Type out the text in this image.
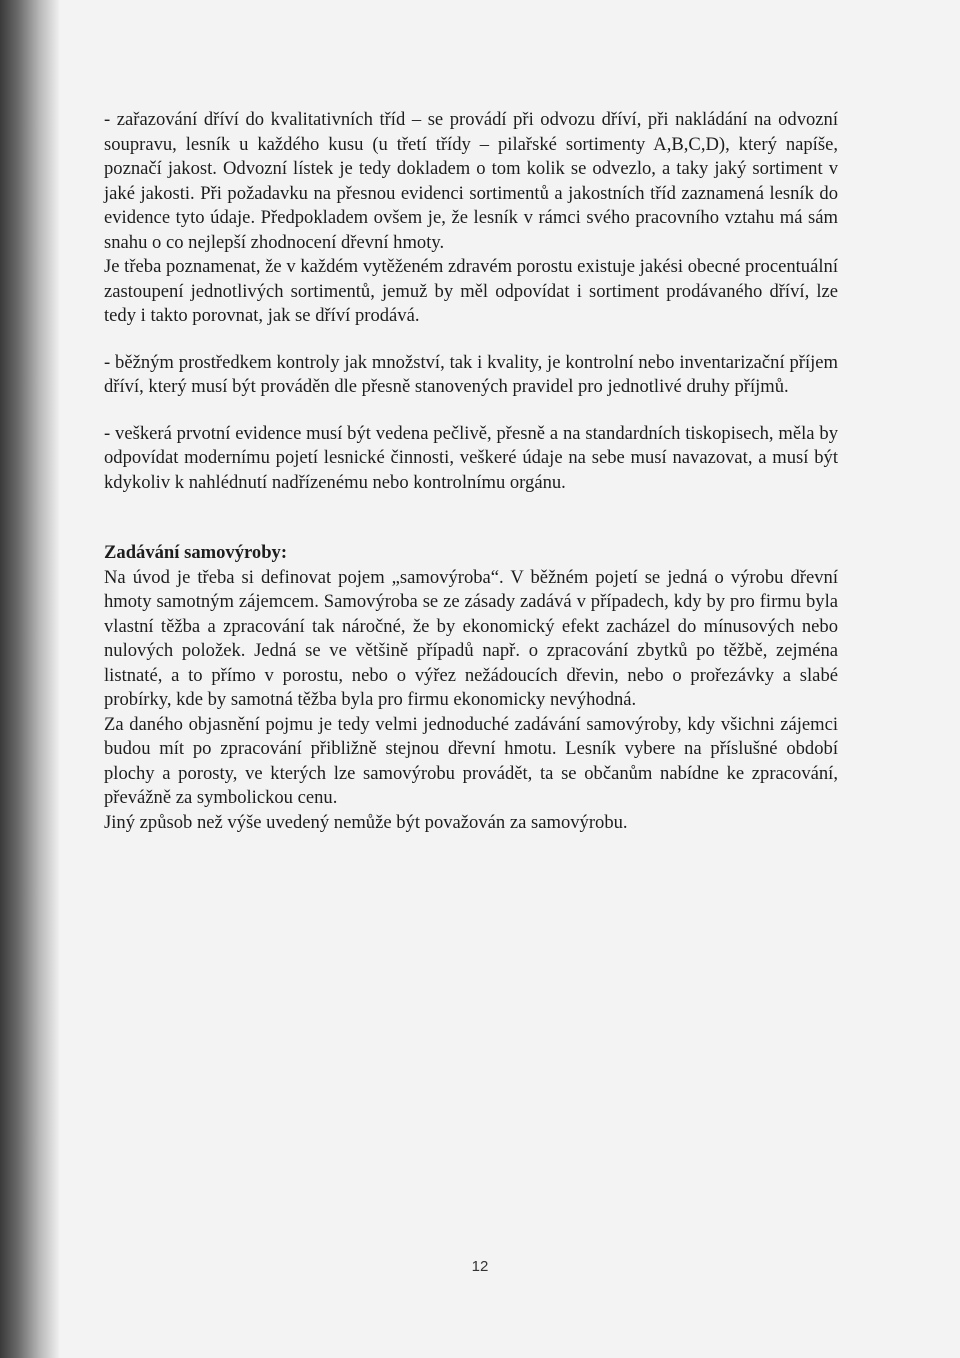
- zařazování dříví do kvalitativních tříd – se provádí při odvozu dříví, při nakládání na odvozní soupravu, lesník u každého kusu (u třetí třídy – pilařské sortimenty A,B,C,D), který napíše, poznačí jakost. Odvozní lístek je tedy dokladem o tom kolik se odvezlo, a taky jaký sortiment v jaké jakosti. Při požadavku na přesnou evidenci sortimentů a jakostních tříd zaznamená lesník do evidence tyto údaje. Předpokladem ovšem je, že lesník v rámci svého pracovního vztahu má sám snahu o co nejlepší zhodnocení dřevní hmoty.

Je třeba poznamenat, že v každém vytěženém zdravém porostu existuje jakési obecné procentuální zastoupení jednotlivých sortimentů, jemuž by měl odpovídat i sortiment prodávaného dříví, lze tedy i takto porovnat, jak se dříví prodává.

- běžným prostředkem kontroly jak množství, tak i kvality, je kontrolní nebo inventarizační příjem dříví, který musí být prováděn dle přesně stanovených pravidel pro jednotlivé druhy příjmů.

- veškerá prvotní evidence musí být vedena pečlivě, přesně a na standardních tiskopisech, měla by odpovídat modernímu pojetí lesnické činnosti, veškeré údaje na sebe musí navazovat, a musí být kdykoliv k nahlédnutí nadřízenému nebo kontrolnímu orgánu.

Zadávání samovýroby:

Na úvod je třeba si definovat pojem „samovýroba“. V běžném pojetí se jedná o výrobu dřevní hmoty samotným zájemcem. Samovýroba se ze zásady zadává v případech, kdy by pro firmu byla vlastní těžba a zpracování tak náročné, že by ekonomický efekt zacházel do mínusových nebo nulových položek. Jedná se ve většině případů např. o zpracování zbytků po těžbě, zejména listnaté, a to přímo v porostu, nebo o výřez nežádoucích dřevin, nebo o prořezávky a slabé probírky, kde by samotná těžba byla pro firmu ekonomicky nevýhodná.

Za daného objasnění pojmu je tedy velmi jednoduché zadávání samovýroby, kdy všichni zájemci budou mít po zpracování přibližně stejnou dřevní hmotu. Lesník vybere na příslušné období plochy a porosty, ve kterých lze samovýrobu provádět, ta se občanům nabídne ke zpracování, převážně za symbolickou cenu.

Jiný způsob než výše uvedený nemůže být považován za samovýrobu.

12
